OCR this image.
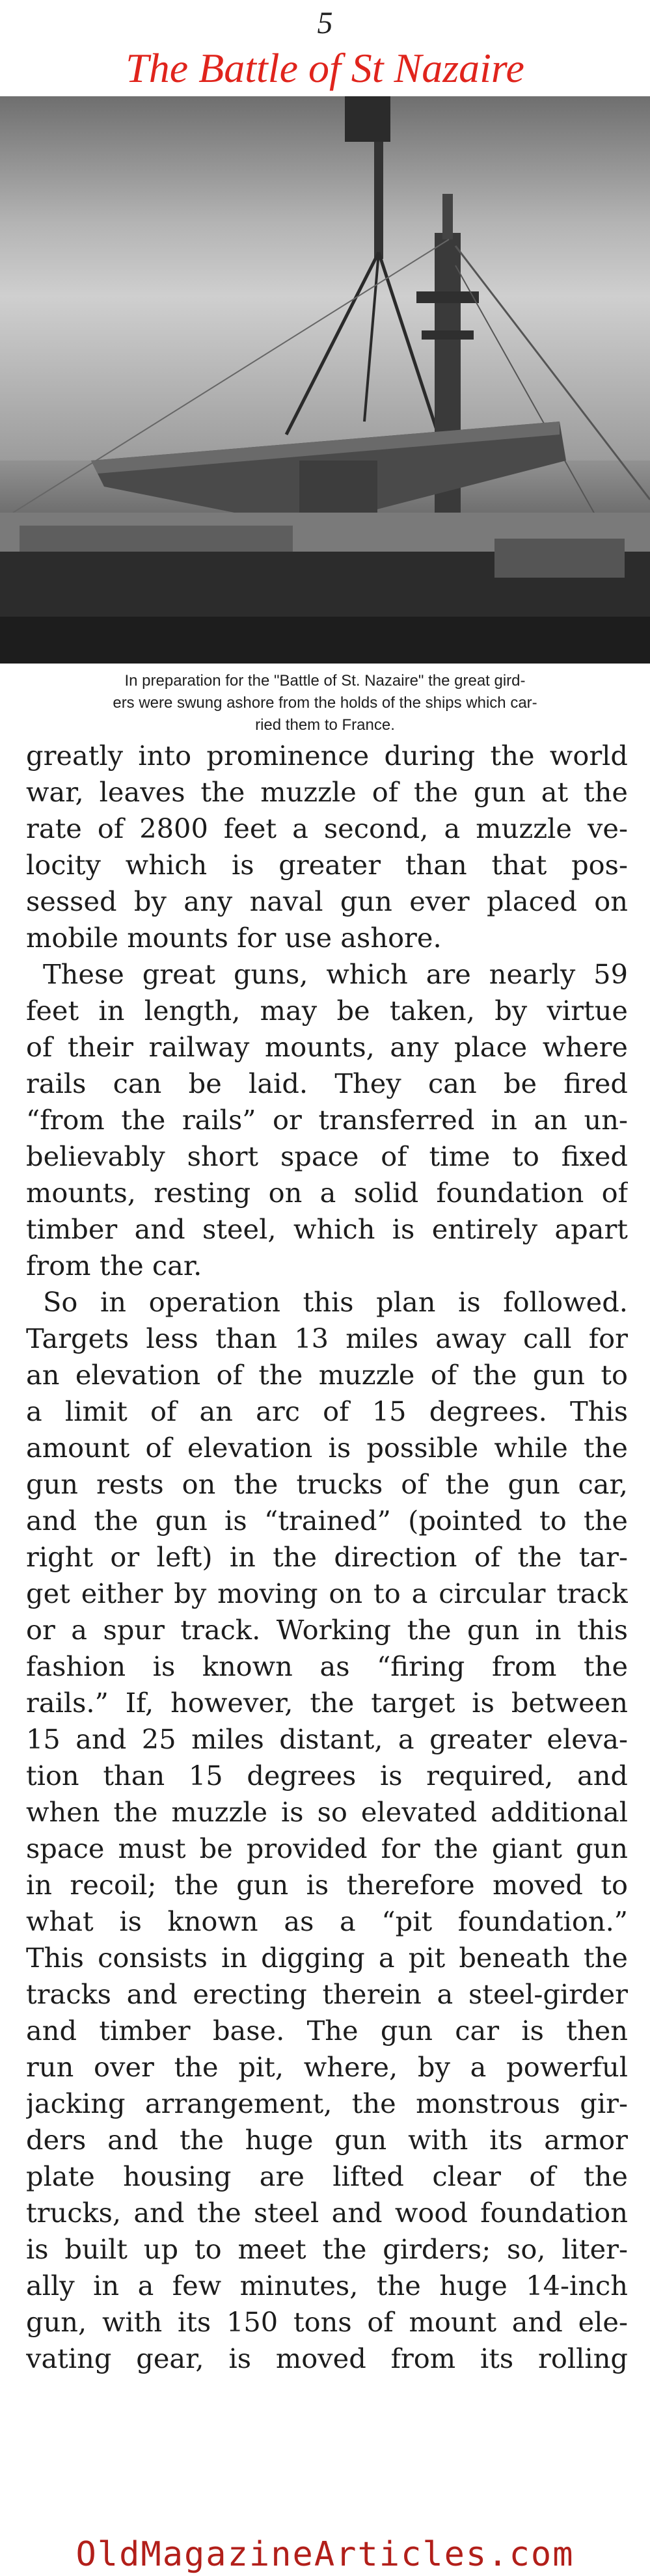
5
The Battle of St Nazaire
In preparation for the "Battle of St. Nazaire" the great gird-
ers were swung ashore from the holds of the ships which car-
ried them to France.
greatly into prominence during the world
war, leaves the muzzle of the gun at the
rate of 2800 feet a second, a muzzle ve-
locity which is greater than that pos-
sessed by any naval gun ever placed on
mobile mounts for use ashore.
These great guns, which are nearly 59
feet in length, may be taken, by virtue
of their railway mounts, any place where
rails can be laid. They can be fired
“from the rails” or transferred in an un-
believably short space of time to fixed
mounts, resting on a solid foundation of
timber and steel, which is entirely apart
from the car.
So in operation this plan is followed.
Targets less than 13 miles away call for
an elevation of the muzzle of the gun to
a limit of an arc of 15 degrees. This
amount of elevation is possible while the
gun rests on the trucks of the gun car,
and the gun is “trained” (pointed to the
right or left) in the direction of the tar-
get either by moving on to a circular track
or a spur track. Working the gun in this
fashion is known as “firing from the
rails.” If, however, the target is between
15 and 25 miles distant, a greater eleva-
tion than 15 degrees is required, and
when the muzzle is so elevated additional
space must be provided for the giant gun
in recoil; the gun is therefore moved to
what is known as a “pit foundation.”
This consists in digging a pit beneath the
tracks and erecting therein a steel-girder
and timber base. The gun car is then
run over the pit, where, by a powerful
jacking arrangement, the monstrous gir-
ders and the huge gun with its armor
plate housing are lifted clear of the
trucks, and the steel and wood foundation
is built up to meet the girders; so, liter-
ally in a few minutes, the huge 14-inch
gun, with its 150 tons of mount and ele-
vating gear, is moved from its rolling
OldMagazineArticles.com
